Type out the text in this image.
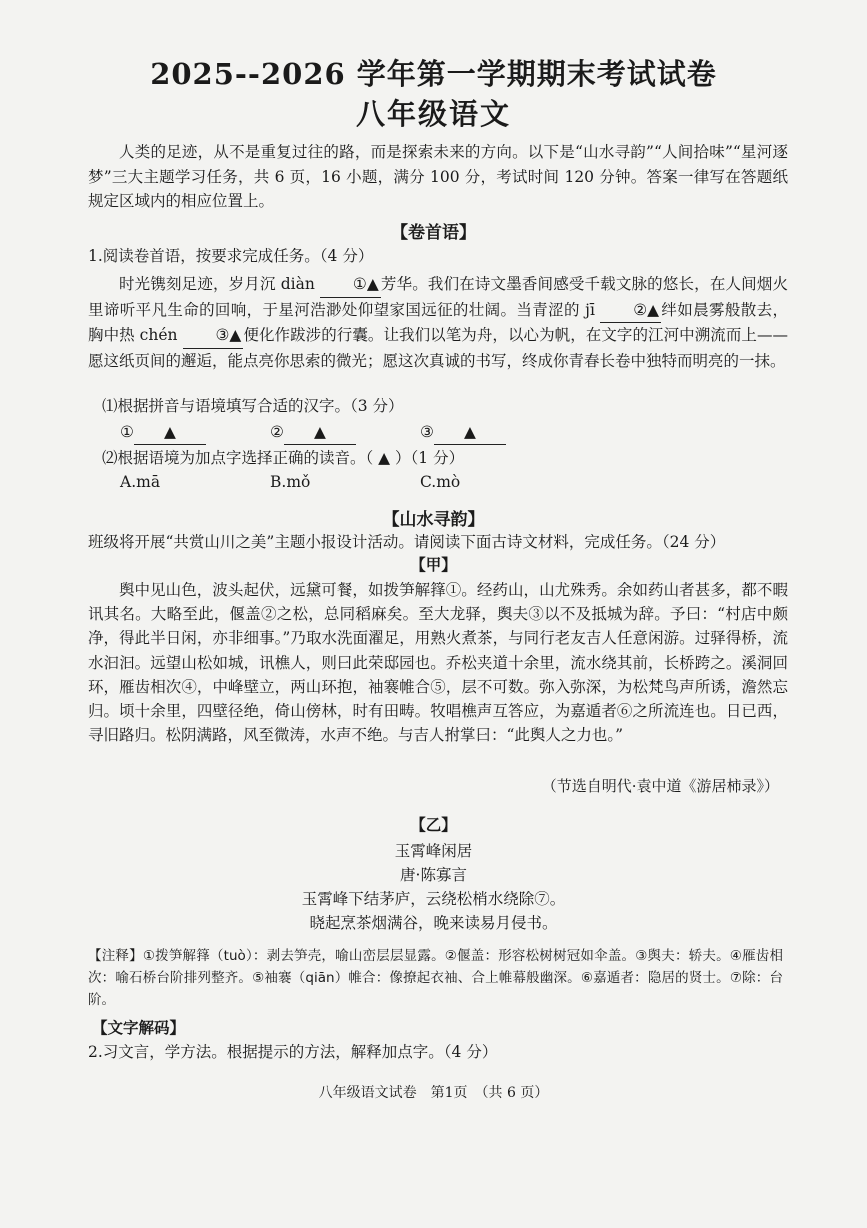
2025--2026 学年第一学期期末考试试卷
八年级语文
人类的足迹，从不是重复过往的路，而是探索未来的方向。以下是“山水寻韵”“人间拾味”“星河逐梦”三大主题学习任务，共 6 页，16 小题，满分 100 分，考试时间 120 分钟。答案一律写在答题纸规定区域内的相应位置上。
【卷首语】
1.阅读卷首语，按要求完成任务。（4 分）
时光镌刻足迹，岁月沉 diàn ①▲ 芳华。我们在诗文墨香间感受千载文脉的悠长，在人间烟火里谛听平凡生命的回响，于星河浩渺处仰望家国远征的壮阔。当青涩的 jī ②▲ 绊如晨雾般散去，胸中热 chén ③▲ 便化作跋涉的行囊。让我们以笔为舟，以心为帆，在文字的江河中溯流而上——愿这纸页间的邂逅，能点亮你思索的微光；愿这次真诚的书写，终成你青春长卷中独特而明亮的一抹。
⑴根据拼音与语境填写合适的汉字。（3 分）
① ▲	② ▲	③ ▲
⑵根据语境为加点字选择正确的读音。（ ▲ ）（1 分）
A.mā	B.mǒ	C.mò
【山水寻韵】
班级将开展“共赏山川之美”主题小报设计活动。请阅读下面古诗文材料，完成任务。（24 分）
【甲】
舆中见山色，波头起伏，远黛可餐，如拨笋解箨①。经药山，山尤殊秀。余如药山者甚多，都不暇讯其名。大略至此，偃盖②之松，总同稻麻矣。至大龙驿，舆夫③以不及抵城为辞。予曰：“村店中颇净，得此半日闲，亦非细事。”乃取水洗面濯足，用熟火煮茶，与同行老友吉人任意闲游。过驿得桥，流水汩汩。远望山松如城，讯樵人，则曰此荣邸园也。乔松夹道十余里，流水绕其前，长桥跨之。溪洞回环，雁齿相次④，中峰壁立，两山环抱，袖褰帷合⑤，层不可数。弥入弥深，为松梵鸟声所诱，澹然忘归。顷十余里，四壁径绝，倚山傍林，时有田畴。牧唱樵声互答应，为嘉遁者⑥之所流连也。日已西，寻旧路归。松阴满路，风至微涛，水声不绝。与吉人拊掌曰：“此舆人之力也。”
（节选自明代·袁中道《游居柿录》）
【乙】
玉霄峰闲居
唐·陈寡言
玉霄峰下结茅庐，云绕松梢水绕除⑦。
晓起烹茶烟满谷，晚来读易月侵书。
【注释】①拨笋解箨（tuò）：剥去笋壳，喻山峦层层显露。②偃盖：形容松树树冠如伞盖。③舆夫：轿夫。④雁齿相次：喻石桥台阶排列整齐。⑤袖褰（qiān）帷合：像撩起衣袖、合上帷幕般幽深。⑥嘉遁者：隐居的贤士。⑦除：台阶。
【文字解码】
2.习文言，学方法。根据提示的方法，解释加点字。（4 分）
八年级语文试卷　第1页　（共 6 页）
